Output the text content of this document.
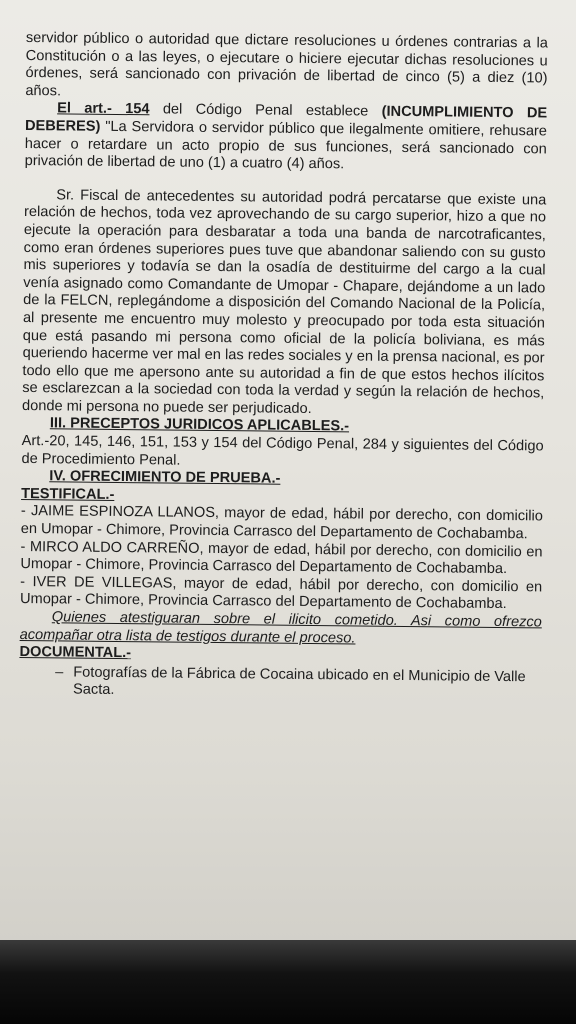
servidor público o autoridad que dictare resoluciones u órdenes contrarias a la Constitución o a las leyes, o ejecutare o hiciere ejecutar dichas resoluciones u órdenes, será sancionado con privación de libertad de cinco (5) a diez (10) años.

El art.- 154 del Código Penal establece (INCUMPLIMIENTO DE DEBERES) "La Servidora o servidor público que ilegalmente omitiere, rehusare hacer o retardare un acto propio de sus funciones, será sancionado con privación de libertad de uno (1) a cuatro (4) años.

Sr. Fiscal de antecedentes su autoridad podrá percatarse que existe una relación de hechos, toda vez aprovechando de su cargo superior, hizo a que no ejecute la operación para desbaratar a toda una banda de narcotraficantes, como eran órdenes superiores pues tuve que abandonar saliendo con su gusto mis superiores y todavía se dan la osadía de destituirme del cargo a la cual venía asignado como Comandante de Umopar - Chapare, dejándome a un lado de la FELCN, replegándome a disposición del Comando Nacional de la Policía, al presente me encuentro muy molesto y preocupado por toda esta situación que está pasando mi persona como oficial de la policía boliviana, es más queriendo hacerme ver mal en las redes sociales y en la prensa nacional, es por todo ello que me apersono ante su autoridad a fin de que estos hechos ilícitos se esclarezcan a la sociedad con toda la verdad y según la relación de hechos, donde mi persona no puede ser perjudicado.

III. PRECEPTOS JURIDICOS APLICABLES.-

Art.-20, 145, 146, 151, 153 y 154 del Código Penal, 284 y siguientes del Código de Procedimiento Penal.

IV. OFRECIMIENTO DE PRUEBA.-

TESTIFICAL.-

- JAIME ESPINOZA LLANOS, mayor de edad, hábil por derecho, con domicilio en Umopar - Chimore, Provincia Carrasco del Departamento de Cochabamba.

- MIRCO ALDO CARREÑO, mayor de edad, hábil por derecho, con domicilio en Umopar - Chimore, Provincia Carrasco del Departamento de Cochabamba.

- IVER DE VILLEGAS, mayor de edad, hábil por derecho, con domicilio en Umopar - Chimore, Provincia Carrasco del Departamento de Cochabamba.

Quienes atestiguaran sobre el ilicito cometido. Asi como ofrezco acompañar otra lista de testigos durante el proceso.

DOCUMENTAL.-

– Fotografías de la Fábrica de Cocaina ubicado en el Municipio de Valle Sacta.
